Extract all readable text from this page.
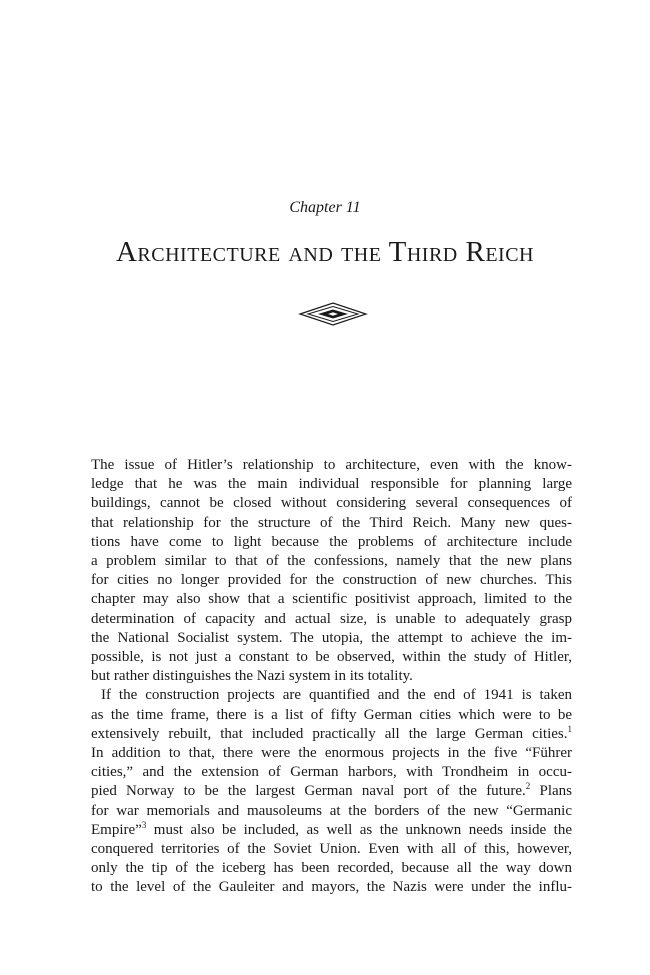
Chapter 11
Architecture and the Third Reich
The issue of Hitler’s relationship to architecture, even with the know-
ledge that he was the main individual responsible for planning large
buildings, cannot be closed without considering several consequences of
that relationship for the structure of the Third Reich. Many new ques-
tions have come to light because the problems of architecture include
a problem similar to that of the confessions, namely that the new plans
for cities no longer provided for the construction of new churches. This
chapter may also show that a scientific positivist approach, limited to the
determination of capacity and actual size, is unable to adequately grasp
the National Socialist system. The utopia, the attempt to achieve the im-
possible, is not just a constant to be observed, within the study of Hitler,
but rather distinguishes the Nazi system in its totality.
If the construction projects are quantified and the end of 1941 is taken
as the time frame, there is a list of fifty German cities which were to be
extensively rebuilt, that included practically all the large German cities.$^1$
In addition to that, there were the enormous projects in the five “Führer
cities,” and the extension of German harbors, with Trondheim in occu-
pied Norway to be the largest German naval port of the future.$^2$ Plans
for war memorials and mausoleums at the borders of the new “Germanic
Empire”$^3$ must also be included, as well as the unknown needs inside the
conquered territories of the Soviet Union. Even with all of this, however,
only the tip of the iceberg has been recorded, because all the way down
to the level of the Gauleiter and mayors, the Nazis were under the influ-
